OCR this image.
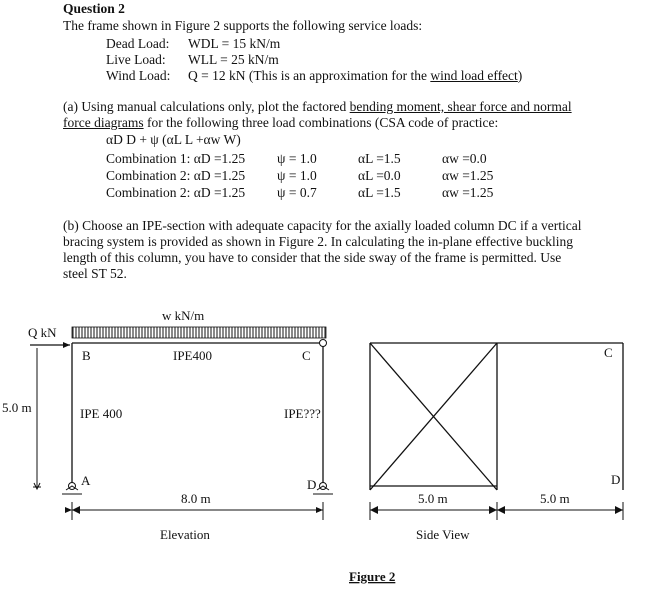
Question 2
The frame shown in Figure 2 supports the following service loads:
Dead Load: WDL = 15 kN/m
Live Load: WLL = 25 kN/m
Wind Load: Q = 12 kN (This is an approximation for the wind load effect)
(a) Using manual calculations only, plot the factored bending moment, shear force and normal
force diagrams for the following three load combinations (CSA code of practice:
αD D + ψ (αL L +αw W)
Combination 1: αD =1.25 ψ = 1.0	αL =1.5	αw =0.0
Combination 2: αD =1.25 ψ = 1.0	αL =0.0	αw =1.25
Combination 2: αD =1.25 ψ = 0.7	αL =1.5	αw =1.25
(b) Choose an IPE-section with adequate capacity for the axially loaded column DC if a vertical
bracing system is provided as shown in Figure 2. In calculating the in-plane effective buckling
length of this column, you have to consider that the side sway of the frame is permitted. Use
steel ST 52.
w kN/m
Q kN
B	IPE400	C
IPE 400	IPE???
A	D
5.0 m
8.0 m
Elevation
C
D
5.0 m	5.0 m
Side View
Figure 2
